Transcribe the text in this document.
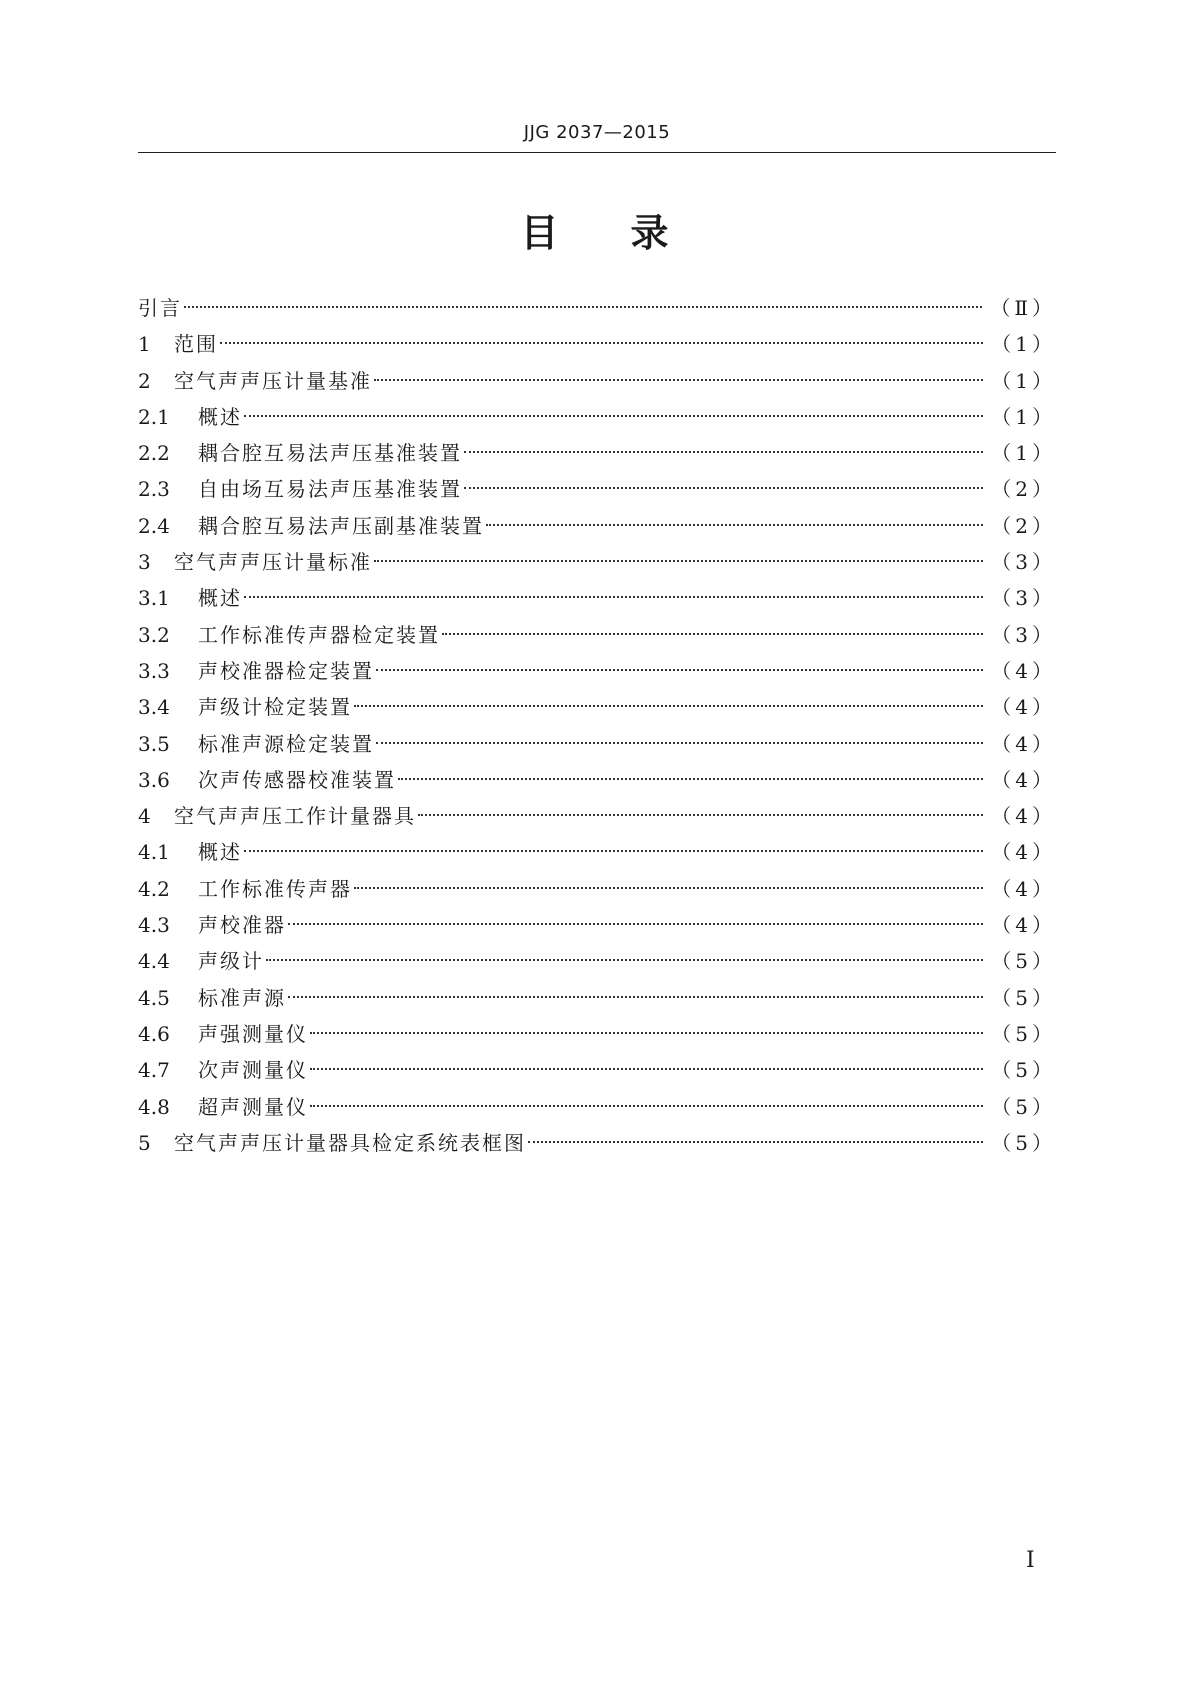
JJG 2037—2015
目 录
引言	（Ⅱ）
1	范围	（1）
2	空气声声压计量基准	（1）
2.1	概述	（1）
2.2	耦合腔互易法声压基准装置	（1）
2.3	自由场互易法声压基准装置	（2）
2.4	耦合腔互易法声压副基准装置	（2）
3	空气声声压计量标准	（3）
3.1	概述	（3）
3.2	工作标准传声器检定装置	（3）
3.3	声校准器检定装置	（4）
3.4	声级计检定装置	（4）
3.5	标准声源检定装置	（4）
3.6	次声传感器校准装置	（4）
4	空气声声压工作计量器具	（4）
4.1	概述	（4）
4.2	工作标准传声器	（4）
4.3	声校准器	（4）
4.4	声级计	（5）
4.5	标准声源	（5）
4.6	声强测量仪	（5）
4.7	次声测量仪	（5）
4.8	超声测量仪	（5）
5	空气声声压计量器具检定系统表框图	（5）
Ⅰ
